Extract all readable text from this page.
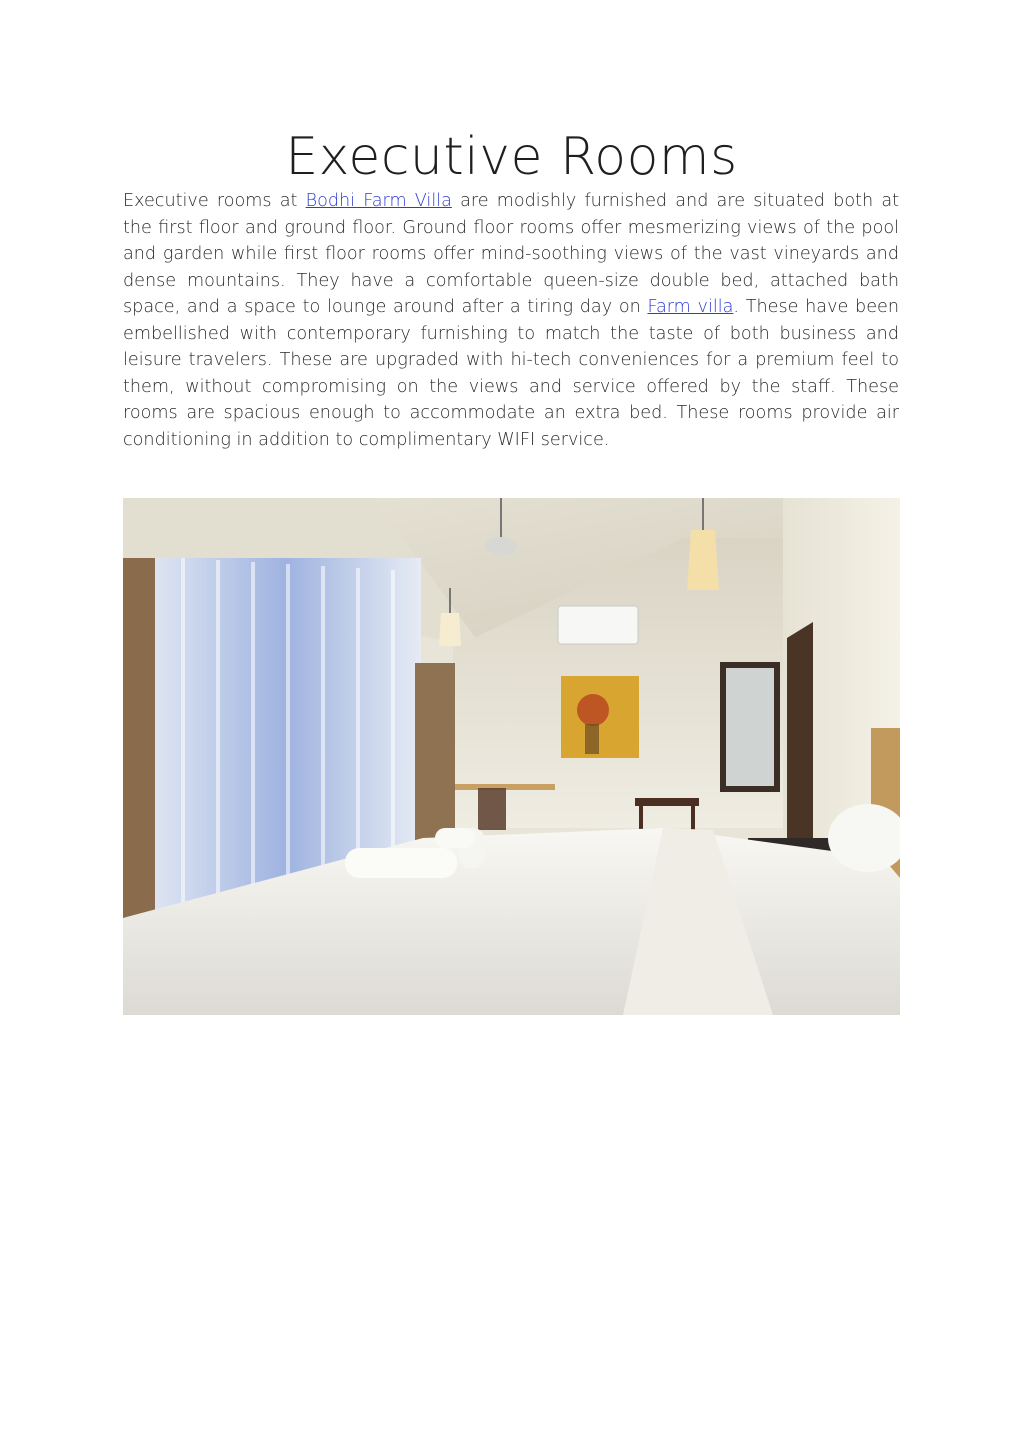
Executive Rooms

Executive rooms at Bodhi Farm Villa are modishly furnished and are situated both at the first floor and ground floor. Ground floor rooms offer mesmerizing views of the pool and garden while first floor rooms offer mind-soothing views of the vast vineyards and dense mountains. They have a comfortable queen-size double bed, attached bath space, and a space to lounge around after a tiring day on Farm villa. These have been embellished with contemporary furnishing to match the taste of both business and leisure travelers. These are upgraded with hi-tech conveniences for a premium feel to them, without compromising on the views and service offered by the staff. These rooms are spacious enough to accommodate an extra bed. These rooms provide air conditioning in addition to complimentary WIFI service.
